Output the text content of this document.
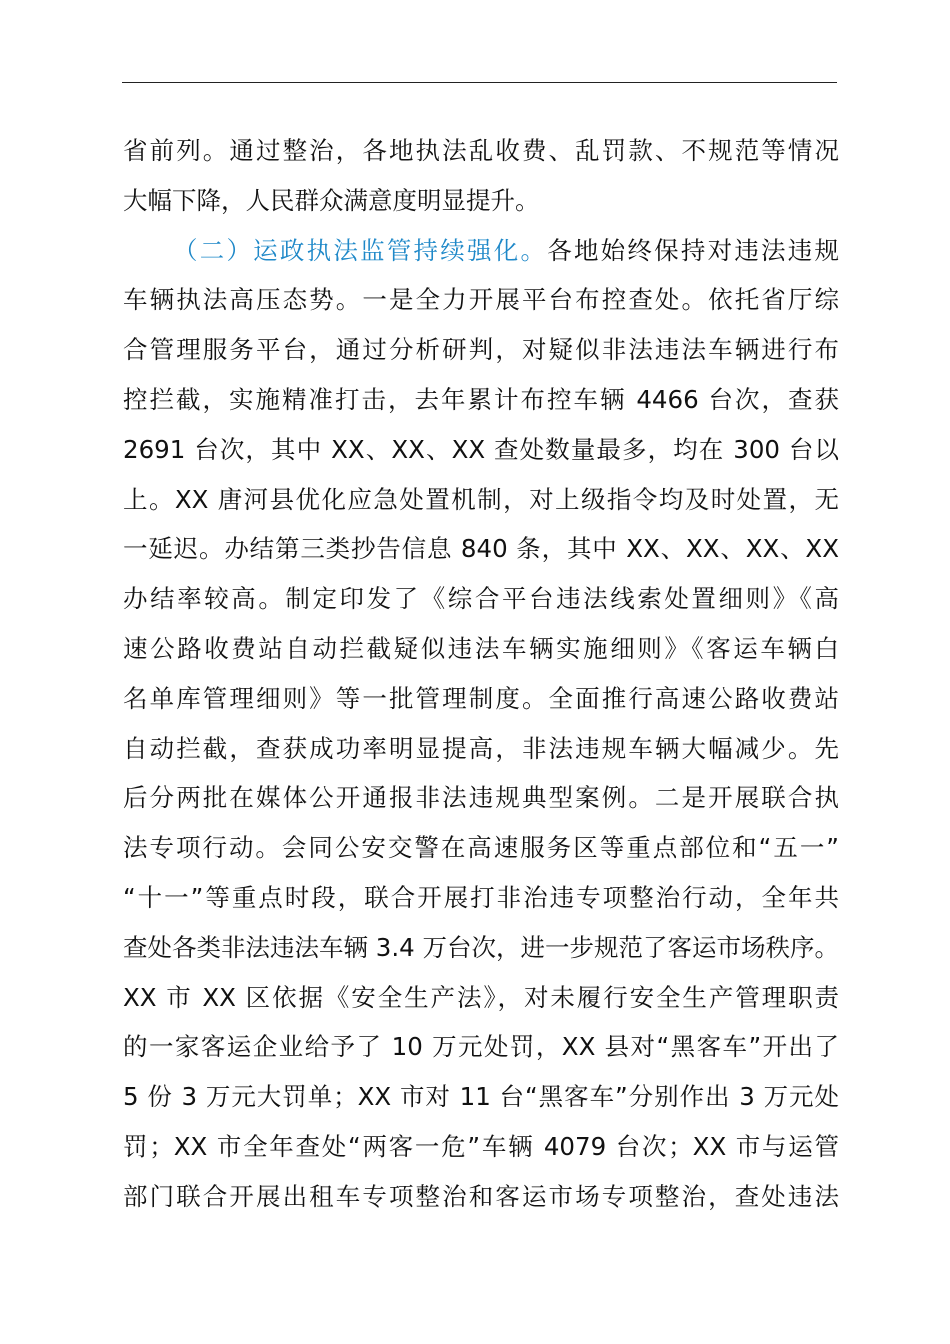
省前列。通过整治，各地执法乱收费、乱罚款、不规范等情况
大幅下降，人民群众满意度明显提升。
（二）运政执法监管持续强化。各地始终保持对违法违规
车辆执法高压态势。一是全力开展平台布控查处。依托省厅综
合管理服务平台，通过分析研判，对疑似非法违法车辆进行布
控拦截，实施精准打击，去年累计布控车辆 4466 台次，查获
2691 台次，其中 XX、XX、XX 查处数量最多，均在 300 台以
上。XX 唐河县优化应急处置机制，对上级指令均及时处置，无
一延迟。办结第三类抄告信息 840 条，其中 XX、XX、XX、XX
办结率较高。制定印发了《综合平台违法线索处置细则》《高
速公路收费站自动拦截疑似违法车辆实施细则》《客运车辆白
名单库管理细则》等一批管理制度。全面推行高速公路收费站
自动拦截，查获成功率明显提高，非法违规车辆大幅减少。先
后分两批在媒体公开通报非法违规典型案例。二是开展联合执
法专项行动。会同公安交警在高速服务区等重点部位和“五一”
“十一”等重点时段，联合开展打非治违专项整治行动，全年共
查处各类非法违法车辆 3.4 万台次，进一步规范了客运市场秩序。
XX 市 XX 区依据《安全生产法》，对未履行安全生产管理职责
的一家客运企业给予了 10 万元处罚，XX 县对“黑客车”开出了
5 份 3 万元大罚单；XX 市对 11 台“黑客车”分别作出 3 万元处
罚；XX 市全年查处“两客一危”车辆 4079 台次；XX 市与运管
部门联合开展出租车专项整治和客运市场专项整治，查处违法
